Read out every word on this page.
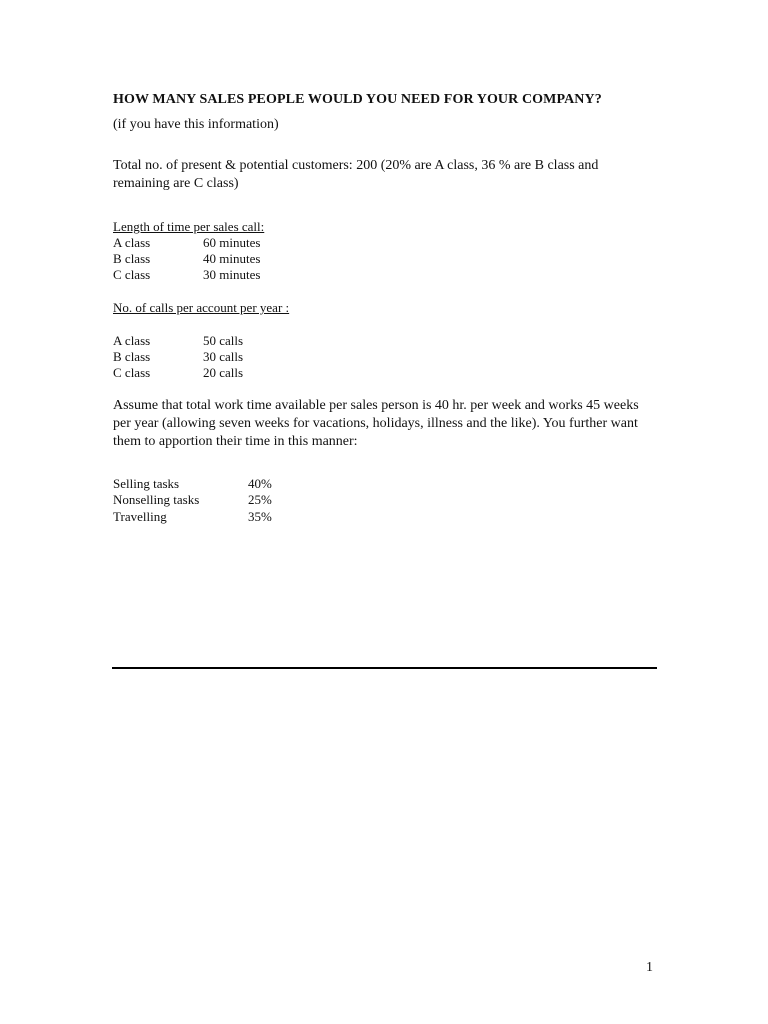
HOW MANY SALES PEOPLE WOULD YOU NEED FOR YOUR COMPANY?
(if you have this information)
Total no. of present & potential customers: 200 (20% are A class, 36 % are B class and remaining are C class)
Length of time per sales call:
A class	60 minutes
B class	40 minutes
C class	30 minutes
No. of calls per account per year :
A class	50 calls
B class	30 calls
C class	20 calls
Assume that total work time available per sales person is 40 hr. per week and works 45 weeks per year (allowing seven weeks for vacations, holidays, illness and the like). You further want them to apportion their time in this manner:
Selling tasks	40%
Nonselling tasks	25%
Travelling	35%
1
